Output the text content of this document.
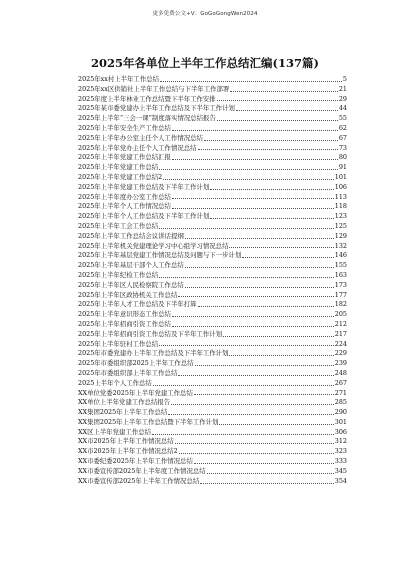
更多免费公文+V：GoGoGongWen2024
2025年各单位上半年工作总结汇编(137篇)
2025年xx村上半年工作总结	5
2025年xx区供销社上半年工作总结与下半年工作部署	21
2025年度上半年林业工作总结暨下半年工作安排	29
2025年某市委党建办上半年工作总结及下半年工作计划	44
2025年上半年“三会一课”制度落实情况总结报告	55
2025年上半年安全生产工作总结	62
2025年上半年办公室主任个人工作情况总结	67
2025年上半年党办主任个人工作情况总结	73
2025年上半年党建工作总结汇报	80
2025年上半年党建工作总结	91
2025年上半年党建工作总结2	101
2025年上半年党建工作总结及下半年工作计划	106
2025年上半年度办公室工作总结	113
2025年上半年个人工作情况总结	118
2025年上半年个人工作总结及下半年工作计划	123
2025年上半年工会工作总结	125
2025年上半年工作总结会议讲话提纲	129
2025年上半年机关党建理论学习中心组学习情况总结	132
2025年上半年基层党建工作情况总结及问题与下一步计划	146
2025年上半年基层干部个人工作总结	155
2025年上半年纪检工作总结	163
2025年上半年区人民检察院工作总结	173
2025年上半年区政协机关工作总结	177
2025年上半年人才工作总结及下半年打算	182
2025年上半年意识形态工作总结	205
2025年上半年招商引资工作总结	212
2025年上半年招商引资工作总结及下半年工作计划	217
2025年上半年驻村工作总结	224
2025年市委党建办上半年工作总结及下半年工作计划	229
2025年市委组织部2025上半年工作总结	239
2025年市委组织部上半年工作总结	248
2025上半年个人工作总结	267
XX单位党委2025年上半年党建工作总结	271
XX单位上半年党建工作总结报告	285
XX集团2025年上半年工作总结	290
XX集团2025年上半年工作总结暨下半年工作计划	301
XX区上半年党建工作总结	306
XX市2025年上半年工作情况总结	312
XX市2025年上半年工作情况总结2	323
XX市委纪委2025年上半年工作情况总结	333
XX市委宣传部2025年上半年度工作情况总结	345
XX市委宣传部2025年上半年工作情况总结	354
